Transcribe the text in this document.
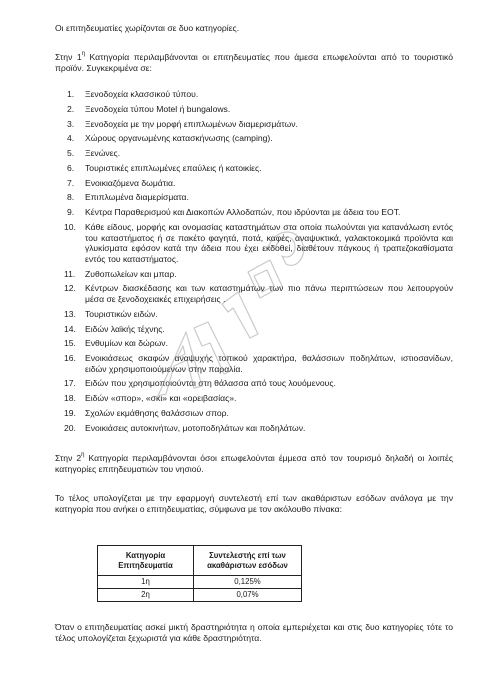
Οι επιτηδευματίες χωρίζονται σε δυο κατηγορίες.

Στην $1^\eta$ Κατηγορία περιλαμβάνονται οι επιτηδευματίες που άμεσα επωφελούνται από το τουριστικό προϊόν. Συγκεκριμένα σε:

1. Ξενοδοχεία κλασσικού τύπου.
2. Ξενοδοχεία τύπου Motel ή bungalows.
3. Ξενοδοχεία με την μορφή επιπλωμένων διαμερισμάτων.
4. Χώρους οργανωμένης κατασκήνωσης (camping).
5. Ξενώνες.
6. Τουριστικές επιπλωμένες επαύλεις ή κατοικίες.
7. Ενοικιαζόμενα δωμάτια.
8. Επιπλωμένα διαμερίσματα.
9. Κέντρα Παραθερισμού και Διακοπών Αλλοδαπών, που ιδρύονται με άδεια του ΕΟΤ.
10. Κάθε είδους, μορφής και ονομασίας καταστημάτων στα οποία πωλούνται για κατανάλωση εντός του καταστήματος ή σε πακέτο φαγητά, ποτά, καφές, αναψυκτικά, γαλακτοκομικά προϊόντα και γλυκίσματα εφόσον κατά την άδεια που έχει εκδοθεί, διαθέτουν πάγκους ή τραπεζοκαθίσματα εντός του καταστήματος.
11. Ζυθοπωλείων και μπαρ.
12. Κέντρων διασκέδασης και των καταστημάτων των πιο πάνω περιπτώσεων που λειτουργούν μέσα σε ξενοδοχειακές επιχειρήσεις .
13. Τουριστικών ειδών.
14. Ειδών λαϊκής τέχνης.
15. Ενθυμίων και δώρων.
16. Ενοικιάσεως σκαφών αναψυχής τοπικού χαρακτήρα, θαλάσσιων ποδηλάτων, ιστιοσανίδων, ειδών χρησιμοποιούμενων στην παραλία.
17. Ειδών που χρησιμοποιούνται στη θάλασσα από τους λουόμενους.
18. Ειδών «σπορ», «σκι» και «ορειβασίας».
19. Σχολών εκμάθησης θαλάσσιων σπορ.
20. Ενοικιάσεις αυτοκινήτων, μοτοποδηλάτων και ποδηλάτων.

Στην $2^\eta$ Κατηγορία περιλαμβάνονται όσοι επωφελούνται έμμεσα από τον τουρισμό δηλαδή οι λοιπές κατηγορίες επιτηδευματιών του νησιού.

Το τέλος υπολογίζεται με την εφαρμογή συντελεστή επί των ακαθάριστων εσόδων ανάλογα με την κατηγορία που ανήκει ο επιτηδευματίας, σύμφωνα με τον ακόλουθο πίνακα:

Όταν ο επιτηδευματίας ασκεί μικτή δραστηριότητα η οποία εμπεριέχεται και στις δυο κατηγορίες τότε το τέλος υπολογίζεται ξεχωριστά για κάθε δραστηριότητα.

Κατηγορία Επιτηδευματία	Συντελεστής επί των ακαθάριστων εσόδων
1η	0,125%
2η	0,07%
